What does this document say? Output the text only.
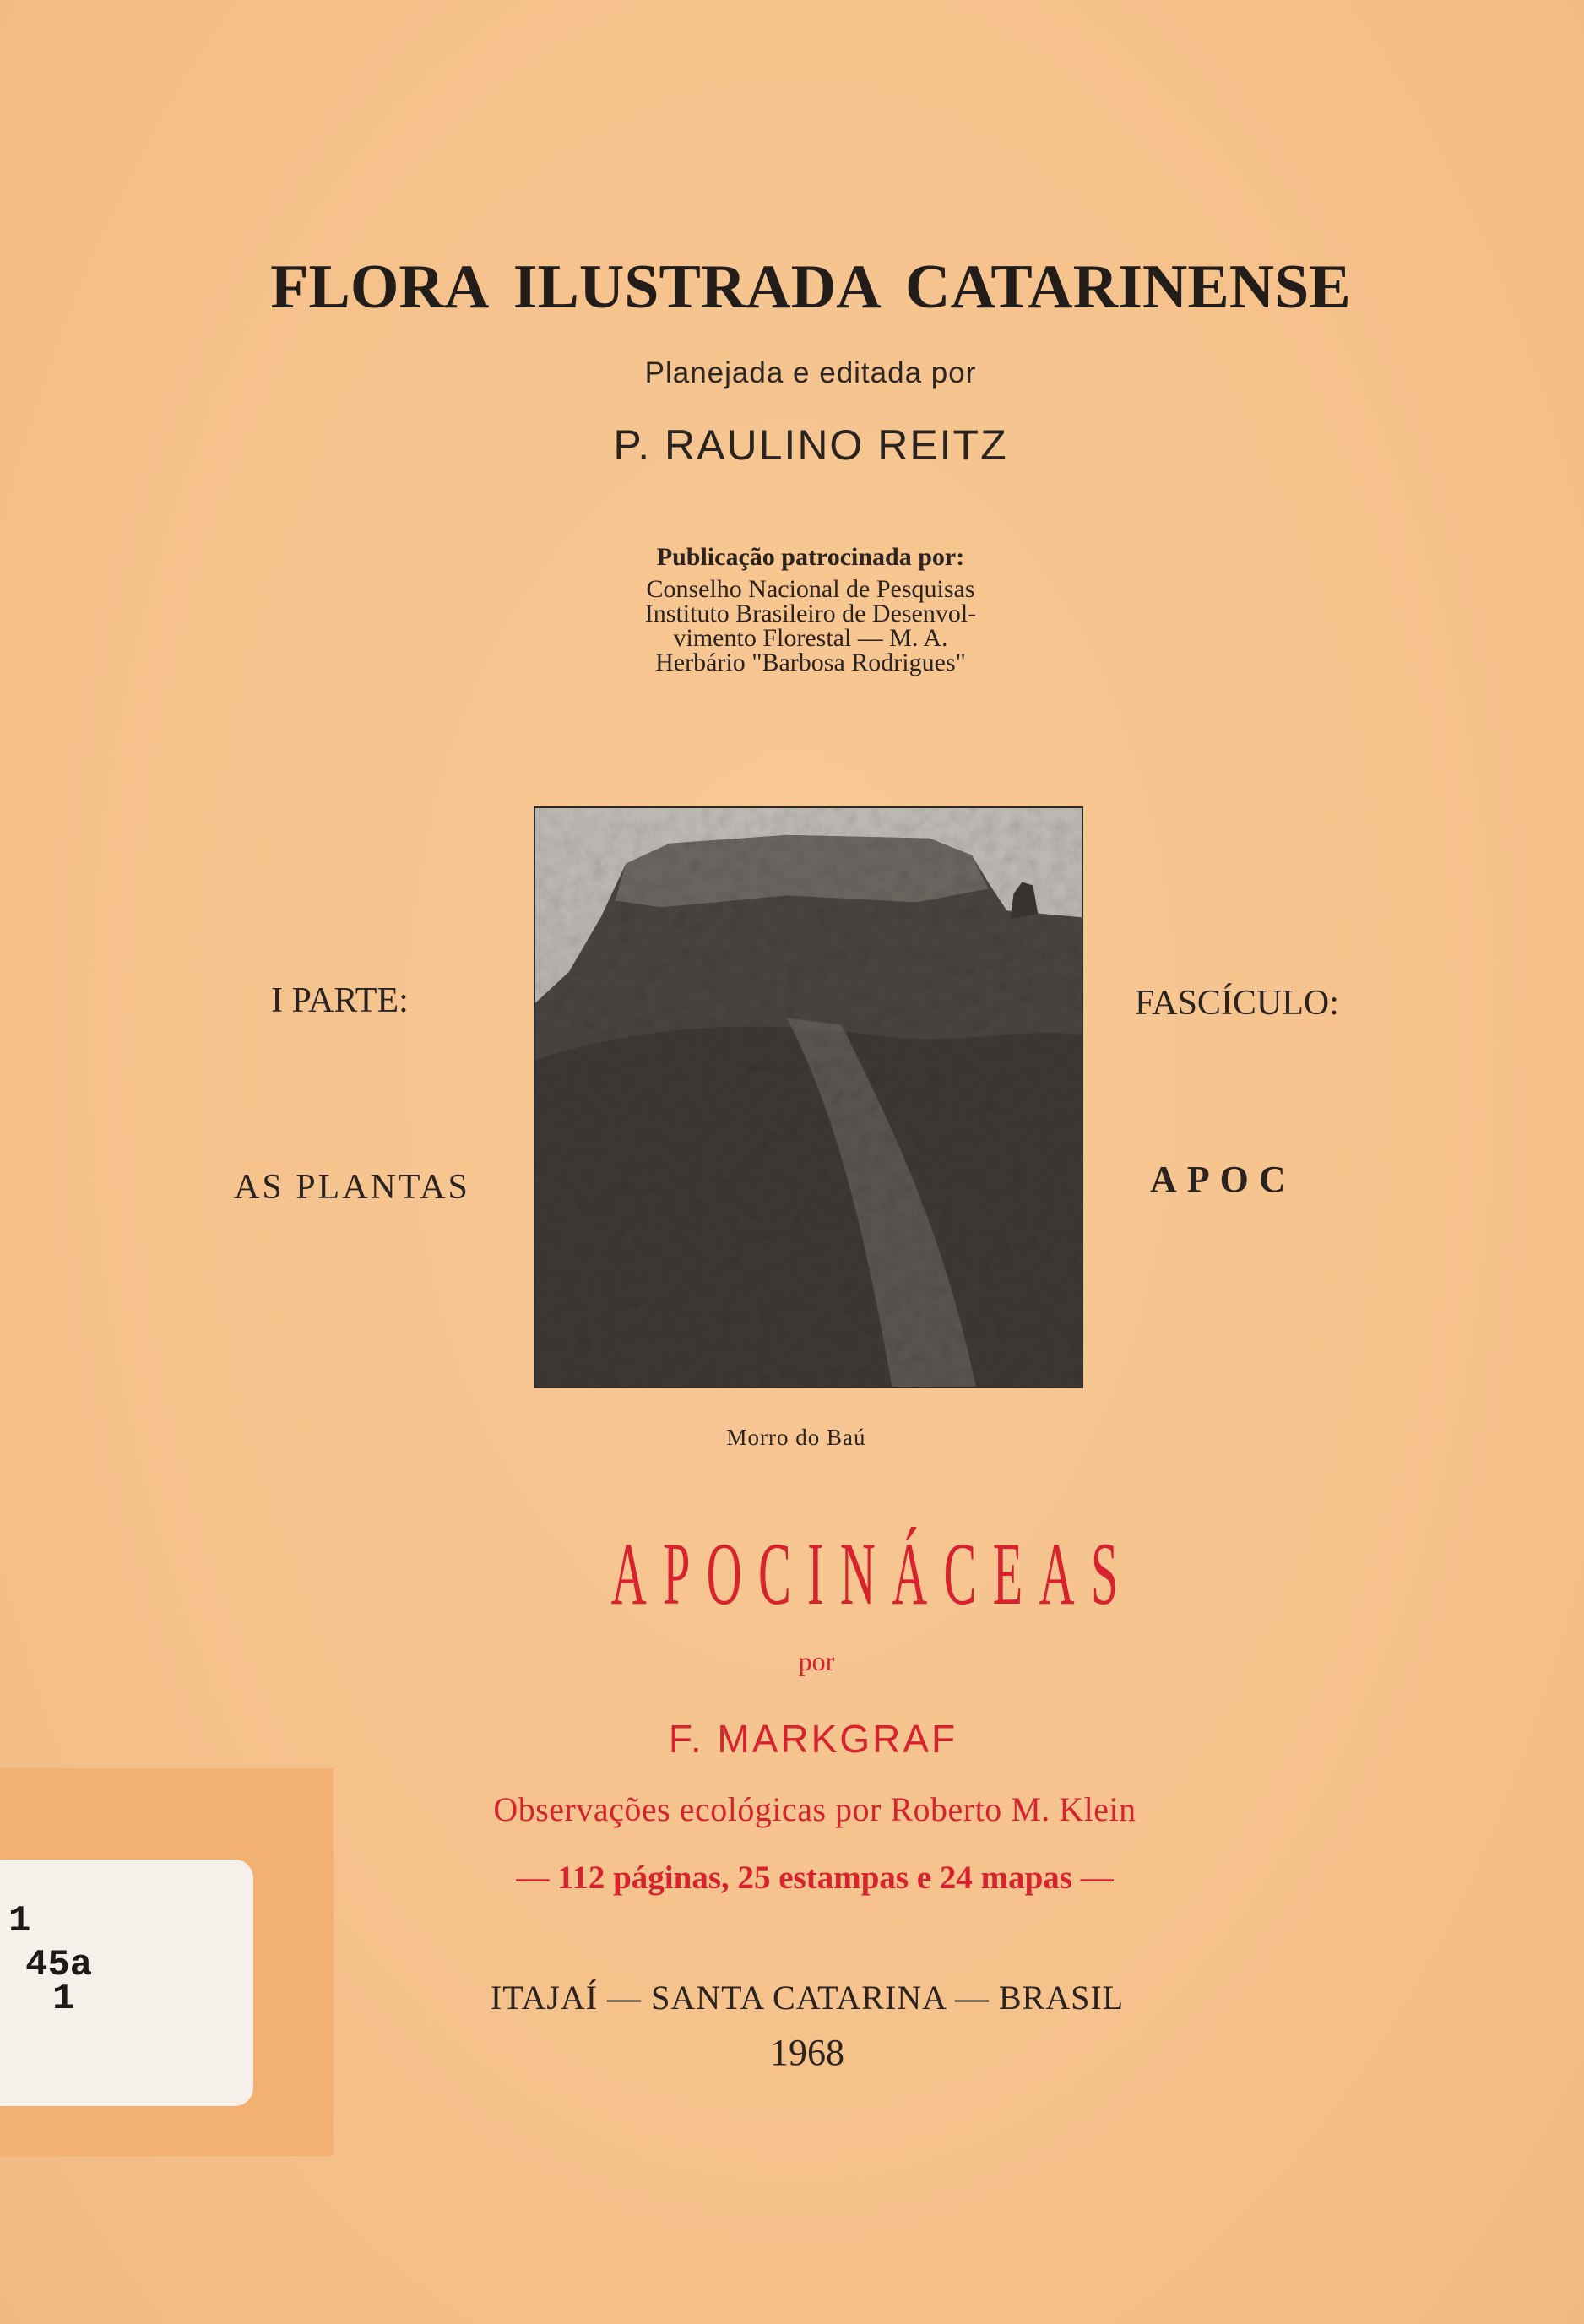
FLORA ILUSTRADA CATARINENSE
Planejada e editada por
P. RAULINO REITZ
Publicação patrocinada por:
Conselho Nacional de Pesquisas
Instituto Brasileiro de Desenvol-
vimento Florestal — M. A.
Herbário "Barbosa Rodrigues"
I PARTE:
AS PLANTAS
FASCÍCULO:
APOC
Morro do Baú
APOCINÁCEAS
por
F. MARKGRAF
Observações ecológicas por Roberto M. Klein
— 112 páginas, 25 estampas e 24 mapas —
ITAJAÍ — SANTA CATARINA — BRASIL
1968
1
45a
1
